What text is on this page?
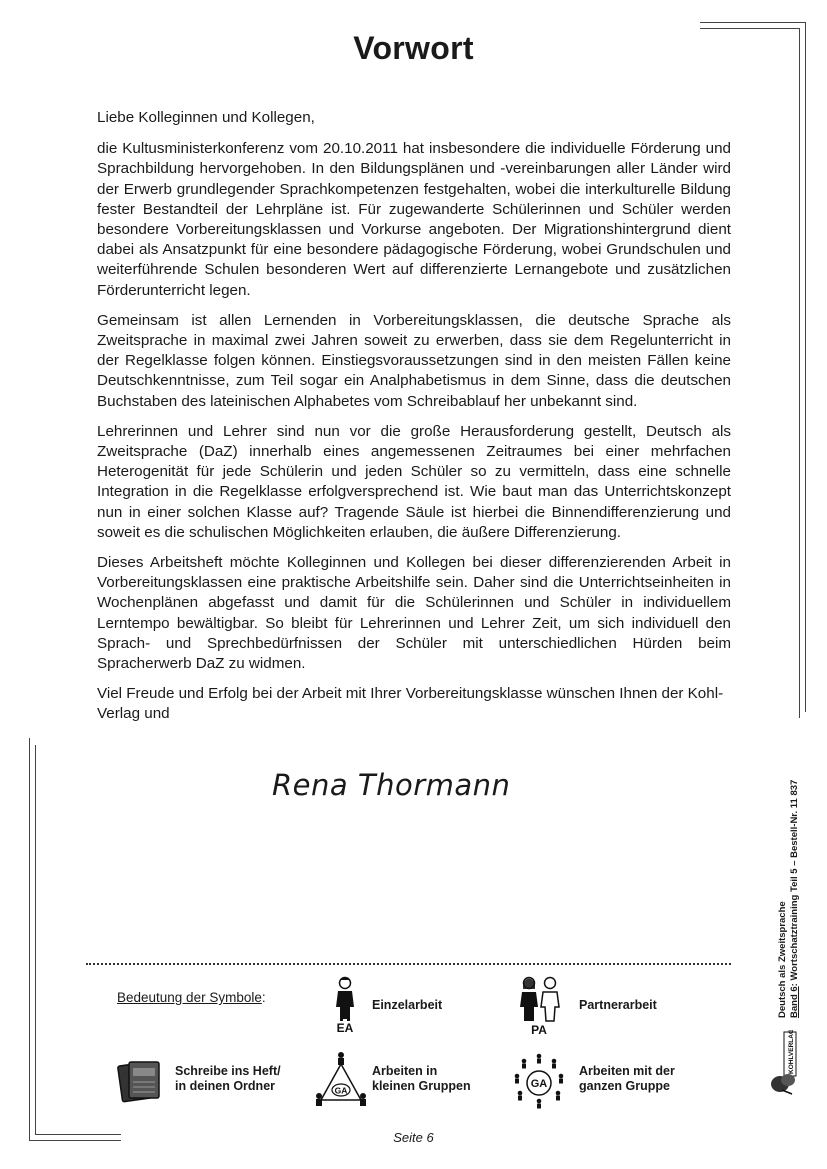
Vorwort

Liebe Kolleginnen und Kollegen,

die Kultusministerkonferenz vom 20.10.2011 hat insbesondere die individuelle Förderung und Sprachbildung hervorgehoben. In den Bildungsplänen und -vereinbarungen aller Länder wird der Erwerb grundlegender Sprachkompetenzen festgehalten, wobei die interkulturelle Bildung fester Bestandteil der Lehrpläne ist. Für zugewanderte Schülerinnen und Schüler werden besondere Vorbereitungsklassen und Vorkurse angeboten. Der Migrationshintergrund dient dabei als Ansatzpunkt für eine besondere pädagogische Förderung, wobei Grundschulen und weiterführende Schulen besonderen Wert auf differenzierte Lernangebote und zusätzlichen Förderunterricht legen.

Gemeinsam ist allen Lernenden in Vorbereitungsklassen, die deutsche Sprache als Zweitsprache in maximal zwei Jahren soweit zu erwerben, dass sie dem Regelunterricht in der Regelklasse folgen können. Einstiegsvoraussetzungen sind in den meisten Fällen keine Deutschkenntnisse, zum Teil sogar ein Analphabetismus in dem Sinne, dass die deutschen Buchstaben des lateinischen Alphabetes vom Schreibablauf her unbekannt sind.

Lehrerinnen und Lehrer sind nun vor die große Herausforderung gestellt, Deutsch als Zweitsprache (DaZ) innerhalb eines angemessenen Zeitraumes bei einer mehrfachen Heterogenität für jede Schülerin und jeden Schüler so zu vermitteln, dass eine schnelle Integration in die Regelklasse erfolgversprechend ist. Wie baut man das Unterrichtskonzept nun in einer solchen Klasse auf? Tragende Säule ist hierbei die Binnendifferenzierung und soweit es die schulischen Möglichkeiten erlauben, die äußere Differenzierung.

Dieses Arbeitsheft möchte Kolleginnen und Kollegen bei dieser differenzierenden Arbeit in Vorbereitungsklassen eine praktische Arbeitshilfe sein. Daher sind die Unterrichtseinheiten in Wochenplänen abgefasst und damit für die Schülerinnen und Schüler in individuellem Lerntempo bewältigbar. So bleibt für Lehrerinnen und Lehrer Zeit, um sich individuell den Sprach- und Sprechbedürfnissen der Schüler mit unterschiedlichen Hürden beim Spracherwerb DaZ zu widmen.

Viel Freude und Erfolg bei der Arbeit mit Ihrer Vorbereitungsklasse wünschen Ihnen der Kohl-Verlag und

Rena Thormann
Bedeutung der Symbole:
EA
Einzelarbeit
PA
Partnerarbeit
Schreibe ins Heft/ in deinen Ordner	GA
Arbeiten in kleinen Gruppen	GA
Arbeiten mit der ganzen Gruppe
Deutsch als Zweitsprache Band 6: Wortschatztraining Teil 5 – Bestell-Nr. 11 837
KOHLVERLAG
Seite 6
